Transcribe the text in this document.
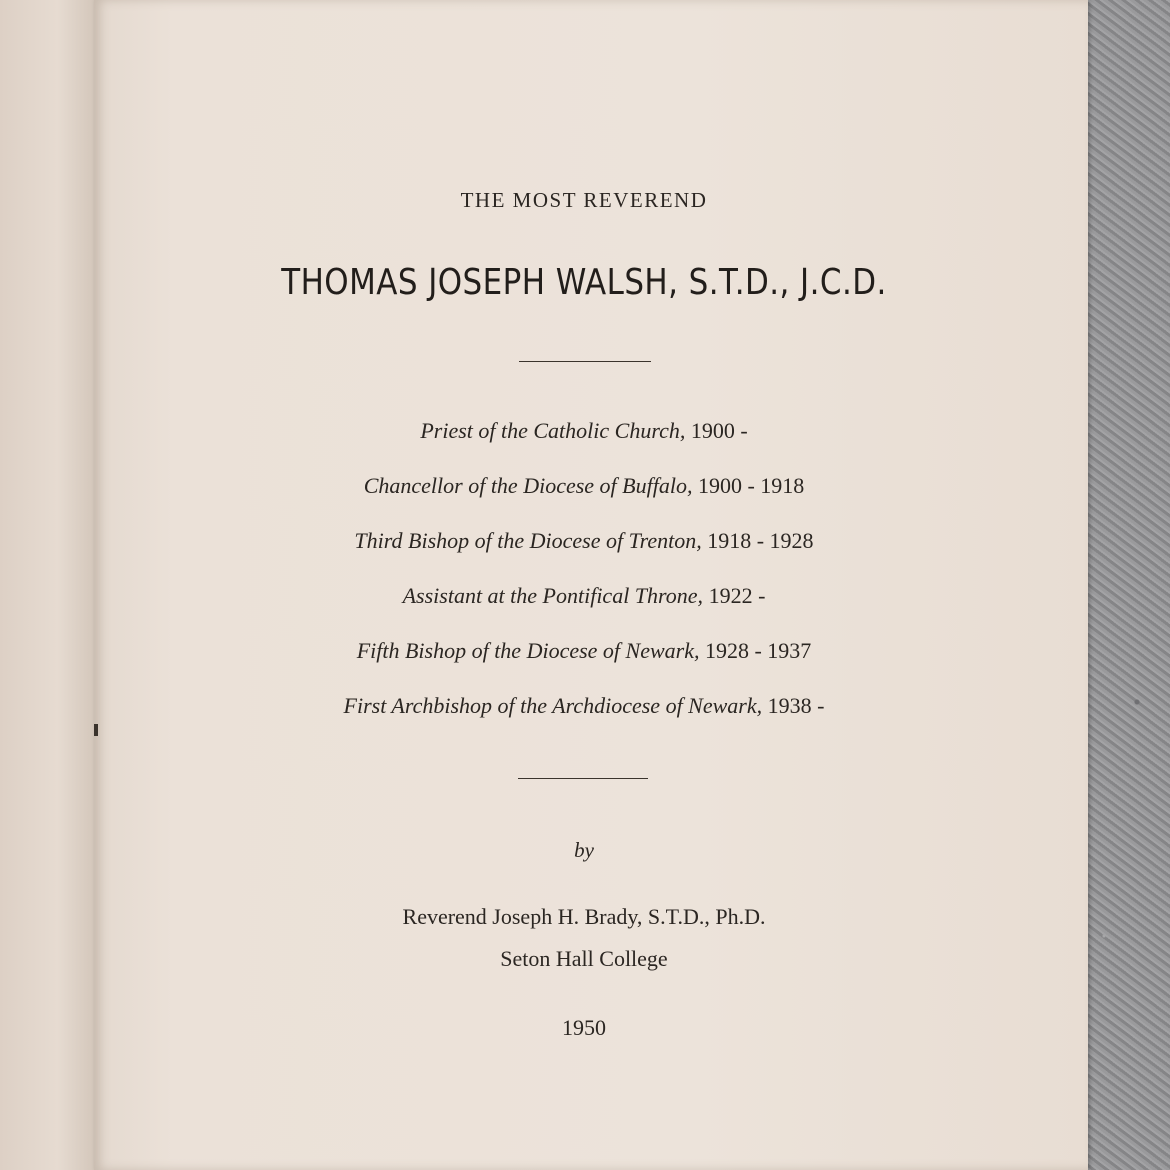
THE MOST REVEREND
THOMAS JOSEPH WALSH, S.T.D., J.C.D.
Priest of the Catholic Church, 1900 -
Chancellor of the Diocese of Buffalo, 1900 - 1918
Third Bishop of the Diocese of Trenton, 1918 - 1928
Assistant at the Pontifical Throne, 1922 -
Fifth Bishop of the Diocese of Newark, 1928 - 1937
First Archbishop of the Archdiocese of Newark, 1938 -
by
Reverend Joseph H. Brady, S.T.D., Ph.D.
Seton Hall College
1950
